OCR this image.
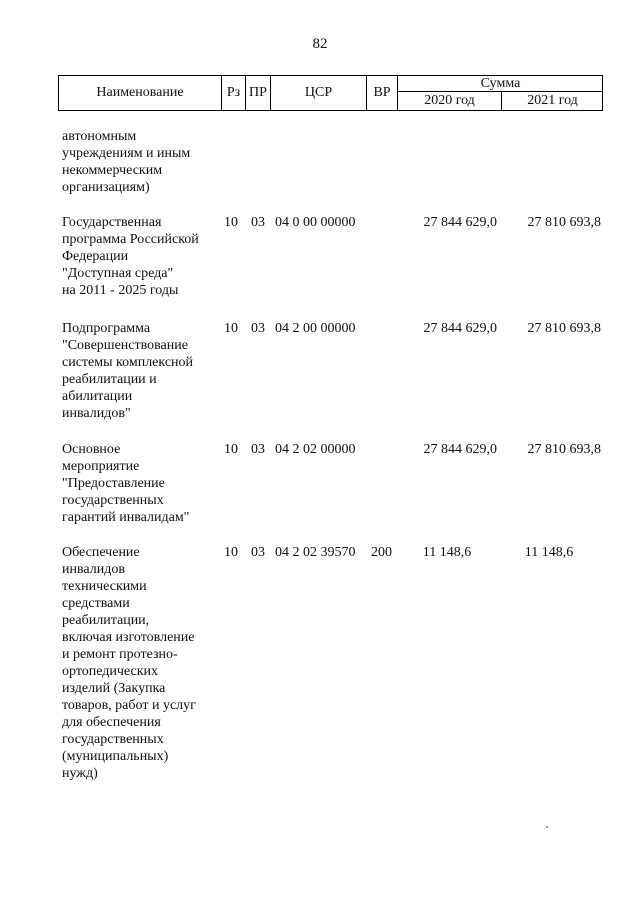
82
Наименование	Рз ПР	ЦСР	ВР
Сумма
2020 год	2021 год
автономным
учреждениям и иным
некоммерческим
организациям)
Государственная
программа Российской
Федерации
"Доступная среда"
на 2011 - 2025 годы
10 03 04 0 00 00000	27 844 629,0	27 810 693,8
Подпрограмма
"Совершенствование
системы комплексной
реабилитации и
абилитации
инвалидов"
10 03 04 2 00 00000	27 844 629,0	27 810 693,8
Основное
мероприятие
"Предоставление
государственных
гарантий инвалидам"
10 03 04 2 02 00000	27 844 629,0	27 810 693,8
Обеспечение
инвалидов
техническими
средствами
реабилитации,
включая изготовление
и ремонт протезно-
ортопедических
изделий (Закупка
товаров, работ и услуг
для обеспечения
государственных
(муниципальных)
нужд)
10 03 04 2 02 39570 200	11 148,6	11 148,6
